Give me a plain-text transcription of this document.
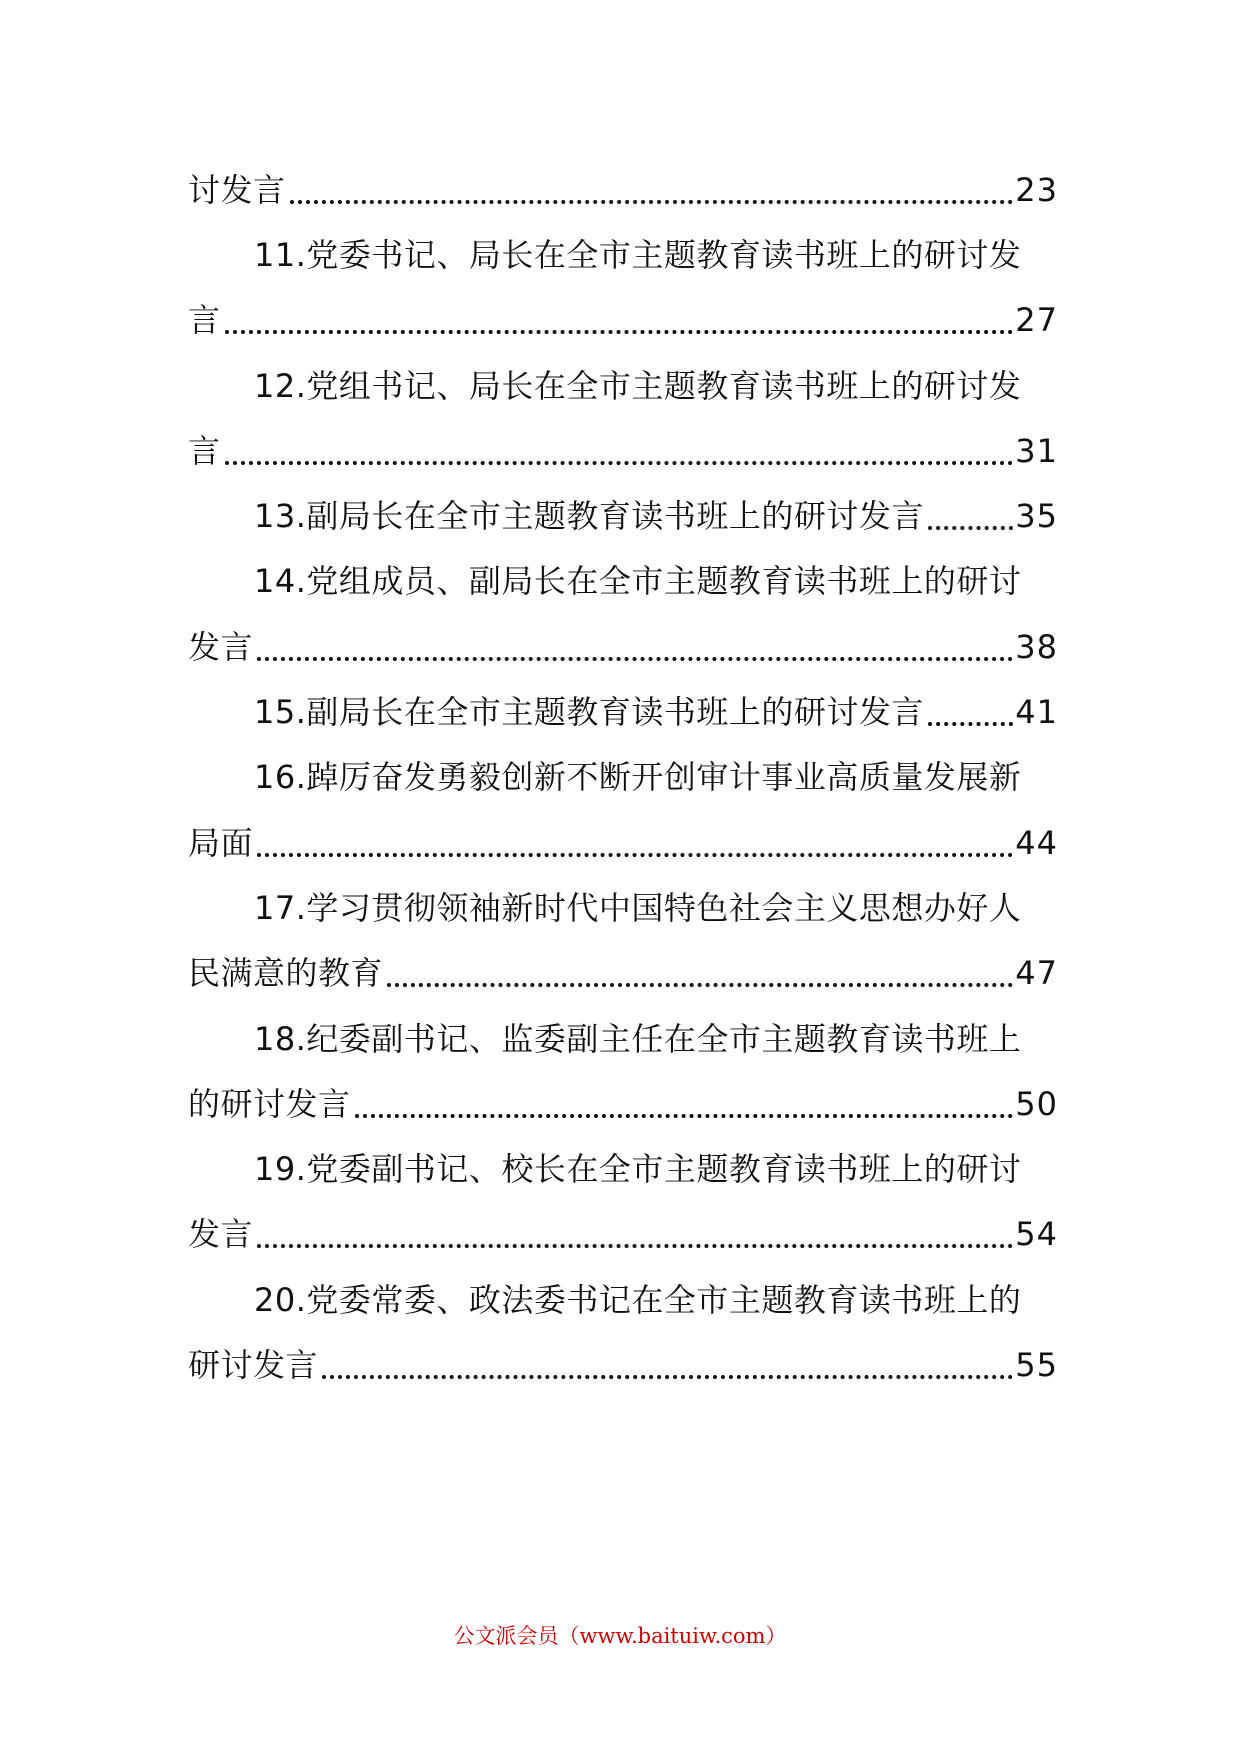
讨发言	23
11.党委书记、局长在全市主题教育读书班上的研讨发
言	27
12.党组书记、局长在全市主题教育读书班上的研讨发
言	31
13.副局长在全市主题教育读书班上的研讨发言	35
14.党组成员、副局长在全市主题教育读书班上的研讨
发言	38
15.副局长在全市主题教育读书班上的研讨发言	41
16.踔厉奋发勇毅创新不断开创审计事业高质量发展新
局面	44
17.学习贯彻领袖新时代中国特色社会主义思想办好人
民满意的教育	47
18.纪委副书记、监委副主任在全市主题教育读书班上
的研讨发言	50
19.党委副书记、校长在全市主题教育读书班上的研讨
发言	54
20.党委常委、政法委书记在全市主题教育读书班上的
研讨发言	55
公文派会员（www.baituiw.com）
